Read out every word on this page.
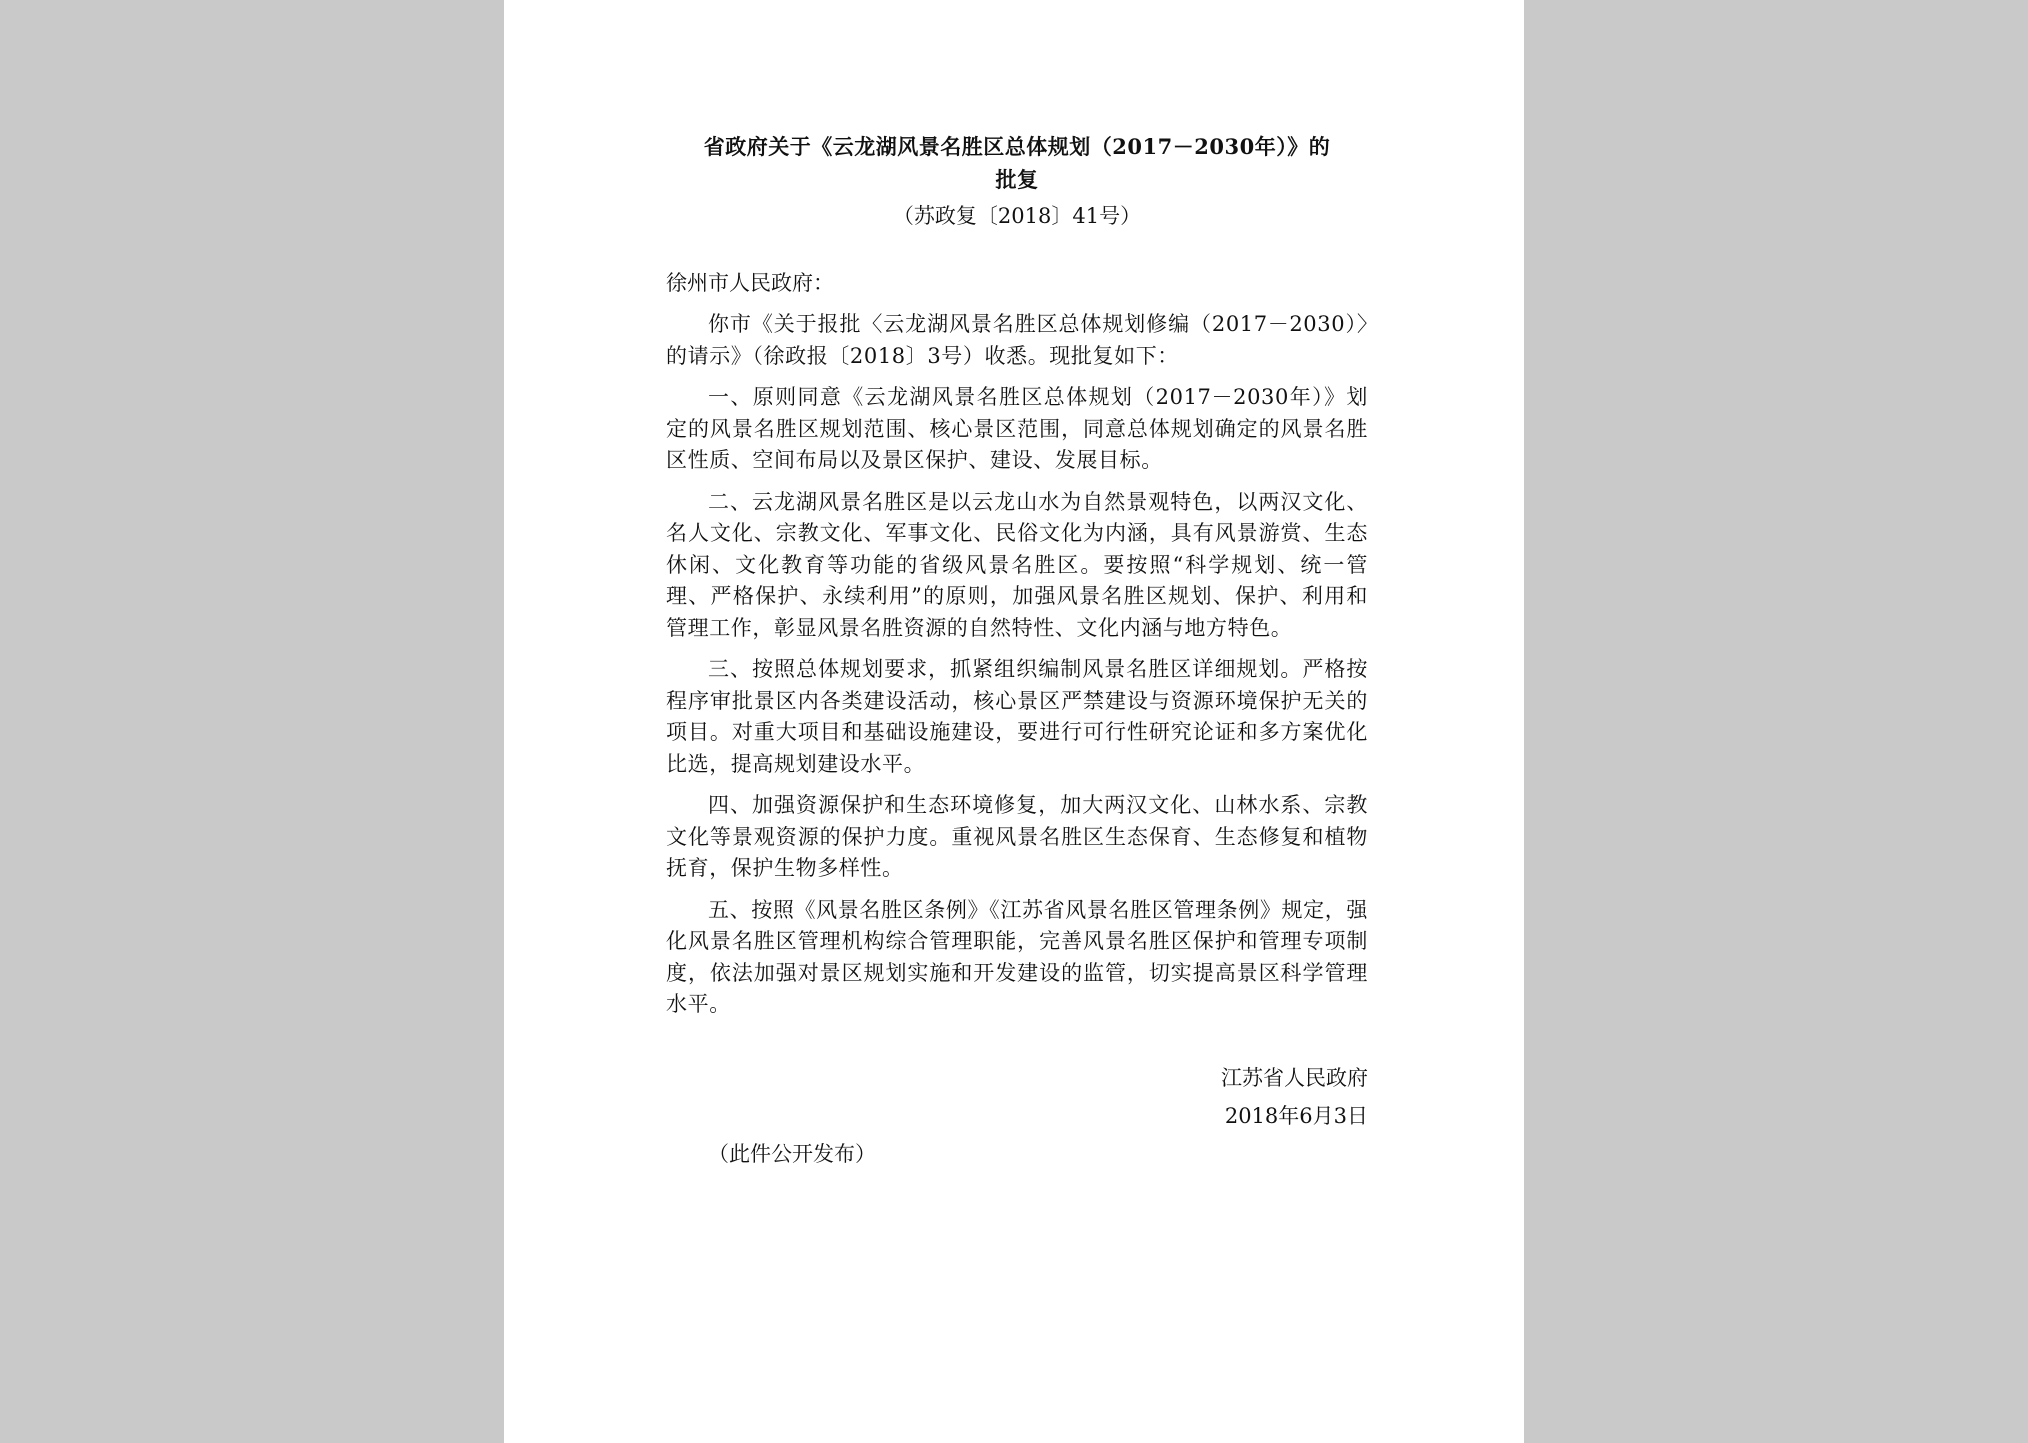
省政府关于《云龙湖风景名胜区总体规划（2017－2030年）》的
批复
（苏政复〔2018〕41号）
徐州市人民政府：

你市《关于报批〈云龙湖风景名胜区总体规划修编（2017－2030）〉的请示》（徐政报〔2018〕3号）收悉。现批复如下：

一、原则同意《云龙湖风景名胜区总体规划（2017－2030年）》划定的风景名胜区规划范围、核心景区范围，同意总体规划确定的风景名胜区性质、空间布局以及景区保护、建设、发展目标。

二、云龙湖风景名胜区是以云龙山水为自然景观特色，以两汉文化、名人文化、宗教文化、军事文化、民俗文化为内涵，具有风景游赏、生态休闲、文化教育等功能的省级风景名胜区。要按照“科学规划、统一管理、严格保护、永续利用”的原则，加强风景名胜区规划、保护、利用和管理工作，彰显风景名胜资源的自然特性、文化内涵与地方特色。

三、按照总体规划要求，抓紧组织编制风景名胜区详细规划。严格按程序审批景区内各类建设活动，核心景区严禁建设与资源环境保护无关的项目。对重大项目和基础设施建设，要进行可行性研究论证和多方案优化比选，提高规划建设水平。

四、加强资源保护和生态环境修复，加大两汉文化、山林水系、宗教文化等景观资源的保护力度。重视风景名胜区生态保育、生态修复和植物抚育，保护生物多样性。

五、按照《风景名胜区条例》《江苏省风景名胜区管理条例》规定，强化风景名胜区管理机构综合管理职能，完善风景名胜区保护和管理专项制度，依法加强对景区规划实施和开发建设的监管，切实提高景区科学管理水平。

江苏省人民政府
2018年6月3日
（此件公开发布）
